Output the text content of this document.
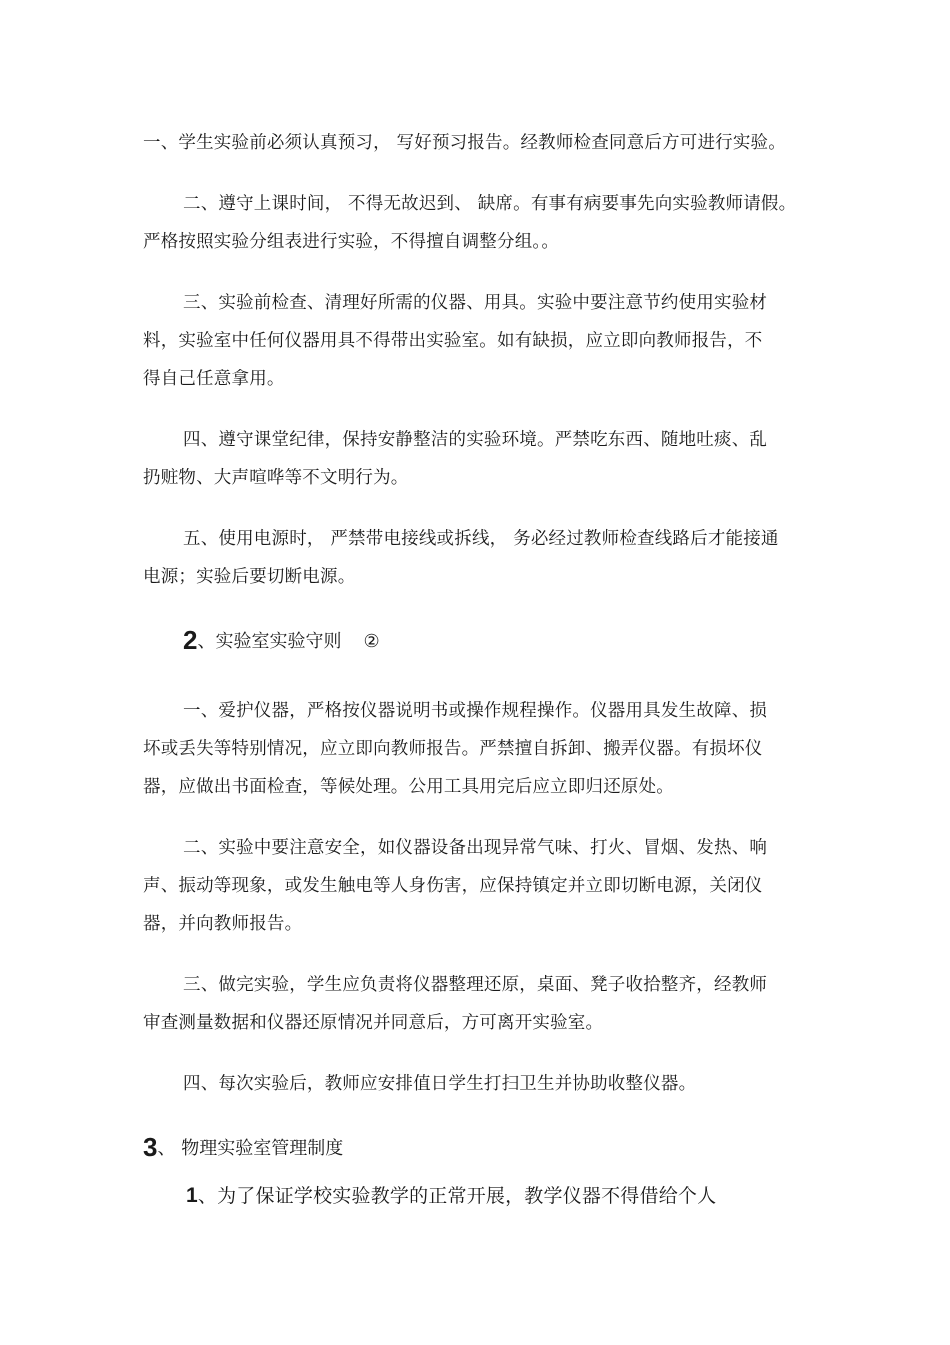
一、学生实验前必须认真预习， 写好预习报告。经教师检查同意后方可进行实验。
二、遵守上课时间， 不得无故迟到、 缺席。有事有病要事先向实验教师请假。
严格按照实验分组表进行实验，不得擅自调整分组。。
三、实验前检查、清理好所需的仪器、用具。实验中要注意节约使用实验材
料，实验室中任何仪器用具不得带出实验室。如有缺损，应立即向教师报告，不
得自己任意拿用。
四、遵守课堂纪律，保持安静整洁的实验环境。严禁吃东西、随地吐痰、乱
扔赃物、大声喧哗等不文明行为。
五、使用电源时， 严禁带电接线或拆线， 务必经过教师检查线路后才能接通
电源；实验后要切断电源。
2、实验室实验守则 ②
一、爱护仪器，严格按仪器说明书或操作规程操作。仪器用具发生故障、损
坏或丢失等特别情况，应立即向教师报告。严禁擅自拆卸、搬弄仪器。有损坏仪
器，应做出书面检查，等候处理。公用工具用完后应立即归还原处。
二、实验中要注意安全，如仪器设备出现异常气味、打火、冒烟、发热、响
声、振动等现象，或发生触电等人身伤害，应保持镇定并立即切断电源，关闭仪
器，并向教师报告。
三、做完实验，学生应负责将仪器整理还原，桌面、凳子收拾整齐，经教师
审查测量数据和仪器还原情况并同意后，方可离开实验室。
四、每次实验后，教师应安排值日学生打扫卫生并协助收整仪器。
3、 物理实验室管理制度
1、为了保证学校实验教学的正常开展，教学仪器不得借给个人
